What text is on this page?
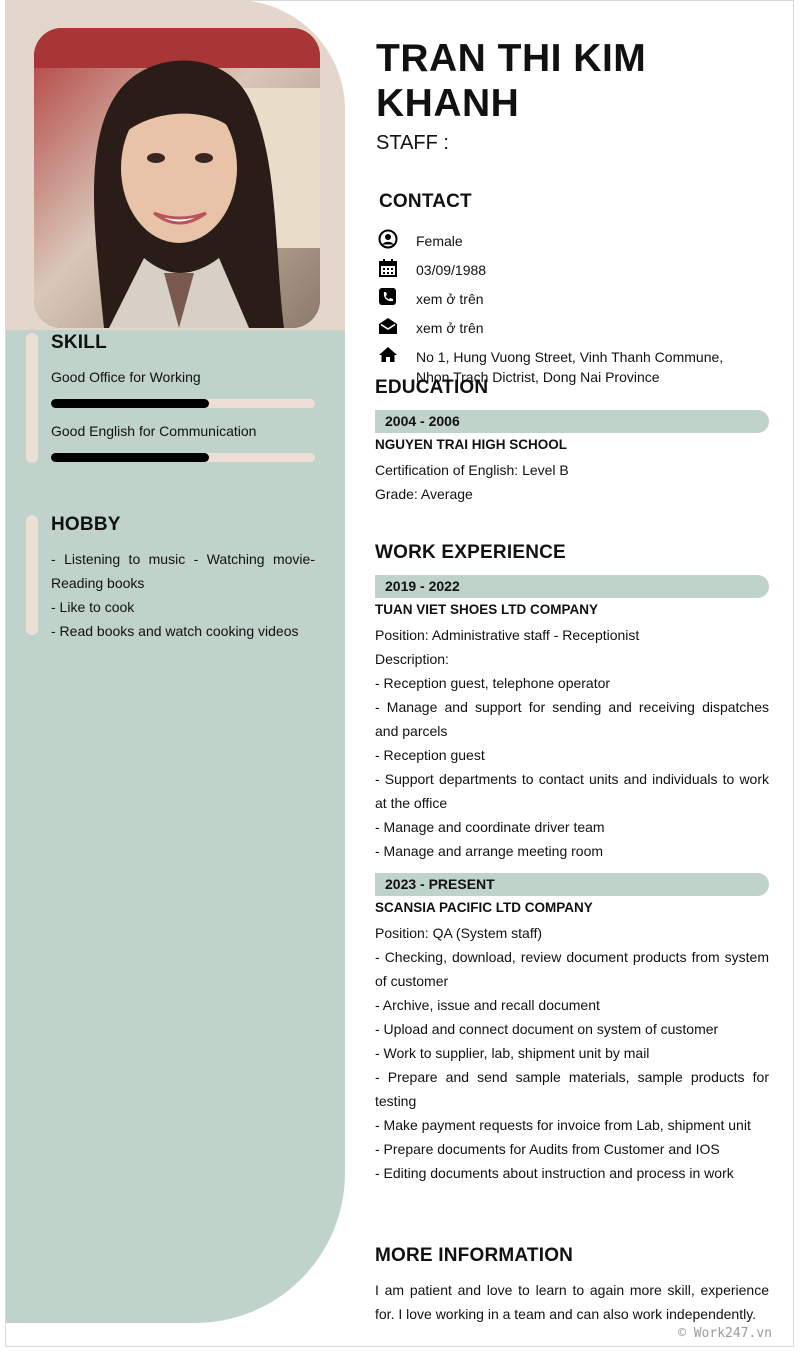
SKILL
Good Office for Working
Good English for Communication
HOBBY
- Listening to music - Watching movie- Reading books
- Like to cook
- Read books and watch cooking videos
TRAN THI KIM KHANH
STAFF :
CONTACT
Female
03/09/1988
xem ở trên
xem ở trên
No 1, Hung Vuong Street, Vinh Thanh Commune, Nhon Trach Dictrist, Dong Nai Province
EDUCATION
2004 - 2006
NGUYEN TRAI HIGH SCHOOL
Certification of English: Level B
Grade: Average
WORK EXPERIENCE
2019 - 2022
TUAN VIET SHOES LTD COMPANY
Position: Administrative staff - Receptionist
Description:
- Reception guest, telephone operator
- Manage and support for sending and receiving dispatches and parcels
- Reception guest
- Support departments to contact units and individuals to work at the office
- Manage and coordinate driver team
- Manage and arrange meeting room
2023 - PRESENT
SCANSIA PACIFIC LTD COMPANY
Position: QA (System staff)
- Checking, download, review document products from system of customer
- Archive, issue and recall document
- Upload and connect document on system of customer
- Work to supplier, lab, shipment unit by mail
- Prepare and send sample materials, sample products for testing
- Make payment requests for invoice from Lab, shipment unit
- Prepare documents for Audits from Customer and IOS
- Editing documents about instruction and process in work
MORE INFORMATION
I am patient and love to learn to again more skill, experience for. I love working in a team and can also work independently.
© Work247.vn
